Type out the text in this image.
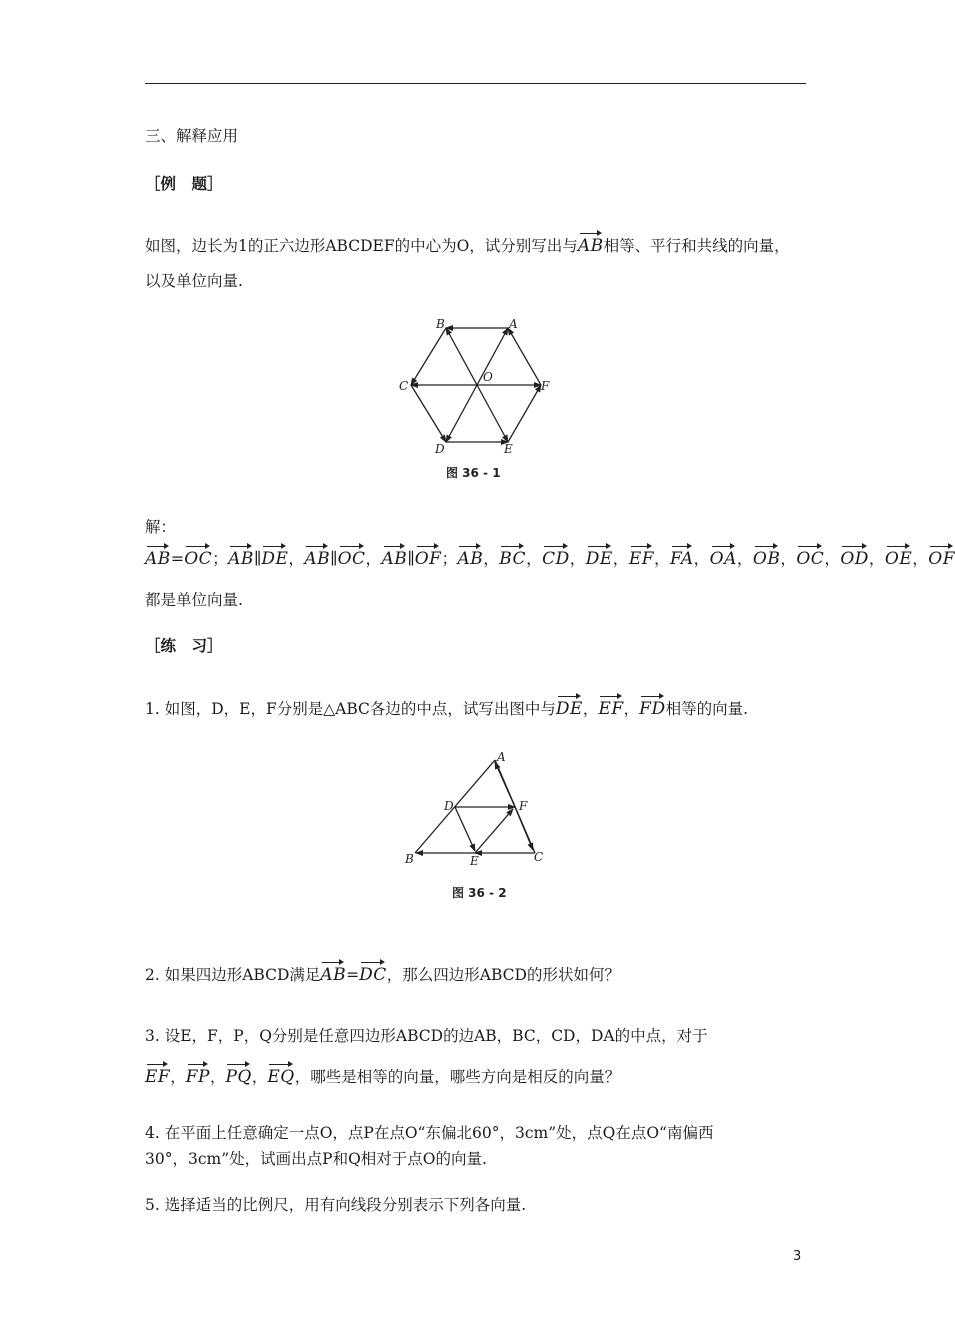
三、解释应用
［例　题］
如图，边长为1的正六边形ABCDEF的中心为O，试分别写出与AB相等、平行和共线的向量，
以及单位向量.
B	A
C
O
F
D	E
图 36 - 1
解：
AB=OC；AB∥DE，AB∥OC，AB∥OF；AB，BC，CD，DE，EF，FA，OA，OB，OC，OD，OE，OF
都是单位向量.
［练　习］
1. 如图，D，E，F分别是△ABC各边的中点，试写出图中与DE，EF，FD相等的向量.
A
D	F
B	E	C
图 36 - 2
2. 如果四边形ABCD满足AB=DC，那么四边形ABCD的形状如何？
3. 设E，F，P，Q分别是任意四边形ABCD的边AB，BC，CD，DA的中点，对于
EF，FP，PQ，EQ，哪些是相等的向量，哪些方向是相反的向量？
4. 在平面上任意确定一点O，点P在点O“东偏北60°，3cm”处，点Q在点O“南偏西
30°，3cm”处，试画出点P和Q相对于点O的向量.
5. 选择适当的比例尺，用有向线段分别表示下列各向量.
3
